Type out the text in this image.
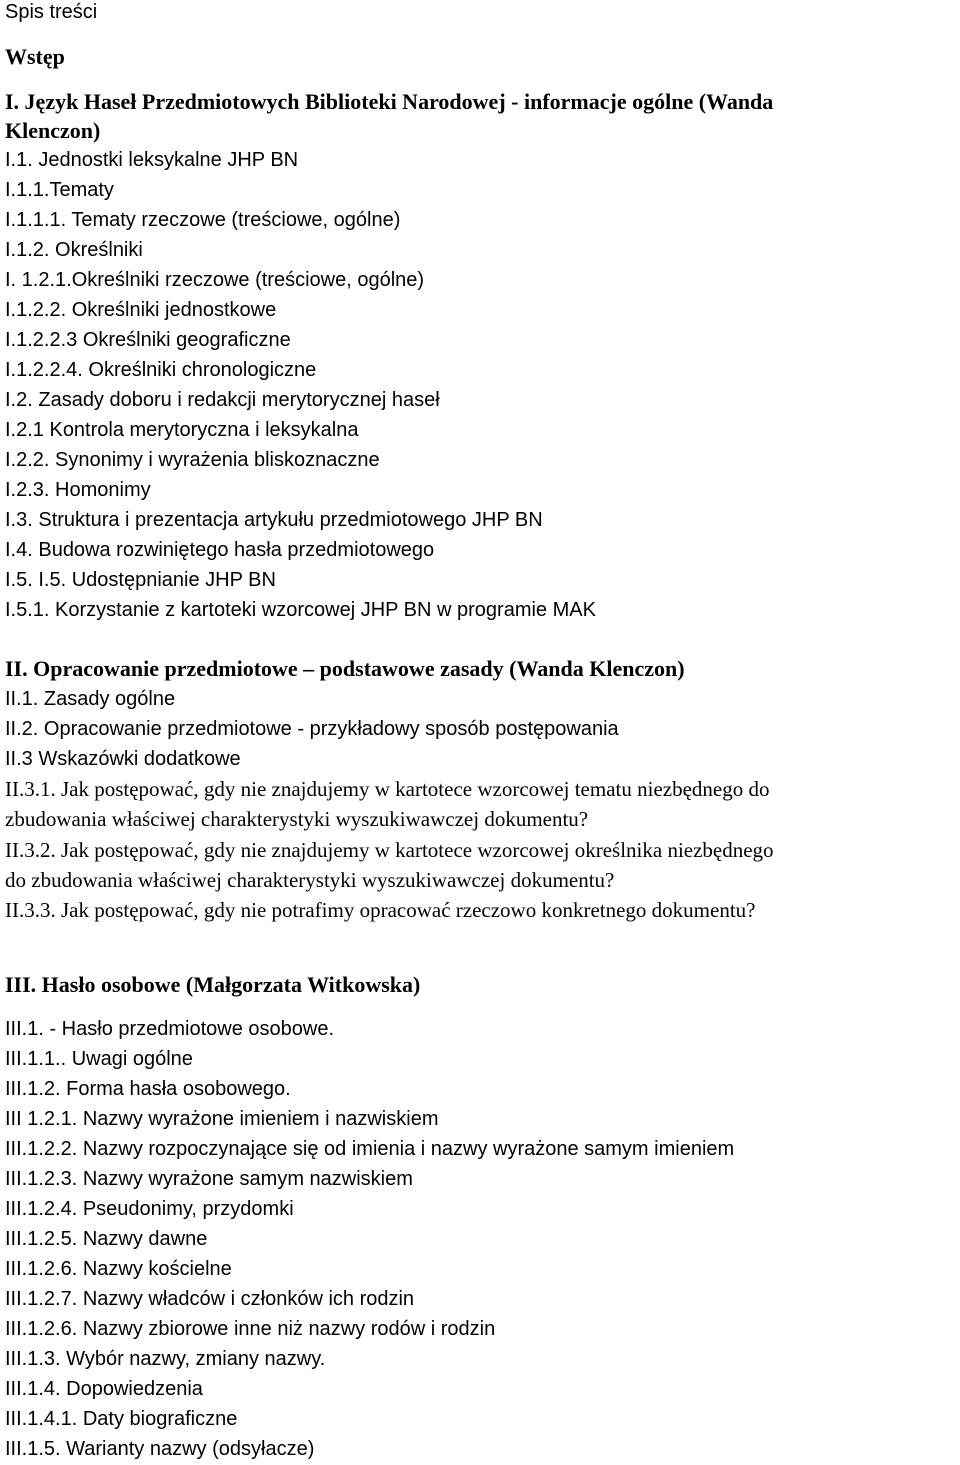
Spis treści
Wstęp
I. Język Haseł Przedmiotowych Biblioteki Narodowej - informacje ogólne (Wanda
Klenczon)
I.1. Jednostki leksykalne JHP BN
I.1.1.Tematy
I.1.1.1. Tematy rzeczowe (treściowe, ogólne)
I.1.2. Określniki
I. 1.2.1.Określniki rzeczowe (treściowe, ogólne)
I.1.2.2. Określniki jednostkowe
I.1.2.2.3 Określniki geograficzne
I.1.2.2.4. Określniki chronologiczne
I.2. Zasady doboru i redakcji merytorycznej haseł
I.2.1 Kontrola merytoryczna i leksykalna
I.2.2. Synonimy i wyrażenia bliskoznaczne
I.2.3. Homonimy
I.3. Struktura i prezentacja artykułu przedmiotowego JHP BN
I.4. Budowa rozwiniętego hasła przedmiotowego
I.5. I.5. Udostępnianie JHP BN
I.5.1. Korzystanie z kartoteki wzorcowej JHP BN w programie MAK
II. Opracowanie przedmiotowe – podstawowe zasady (Wanda Klenczon)
II.1. Zasady ogólne
II.2. Opracowanie przedmiotowe - przykładowy sposób postępowania
II.3 Wskazówki dodatkowe
II.3.1. Jak postępować, gdy nie znajdujemy w kartotece wzorcowej tematu niezbędnego do
zbudowania właściwej charakterystyki wyszukiwawczej dokumentu?
II.3.2. Jak postępować, gdy nie znajdujemy w kartotece wzorcowej określnika niezbędnego
do zbudowania właściwej charakterystyki wyszukiwawczej dokumentu?
II.3.3. Jak postępować, gdy nie potrafimy opracować rzeczowo konkretnego dokumentu?
III. Hasło osobowe (Małgorzata Witkowska)
III.1. - Hasło przedmiotowe osobowe.
III.1.1.. Uwagi ogólne
III.1.2. Forma hasła osobowego.
III 1.2.1. Nazwy wyrażone imieniem i nazwiskiem
III.1.2.2. Nazwy rozpoczynające się od imienia i nazwy wyrażone samym imieniem
III.1.2.3. Nazwy wyrażone samym nazwiskiem
III.1.2.4. Pseudonimy, przydomki
III.1.2.5. Nazwy dawne
III.1.2.6. Nazwy kościelne
III.1.2.7. Nazwy władców i członków ich rodzin
III.1.2.6. Nazwy zbiorowe inne niż nazwy rodów i rodzin
III.1.3. Wybór nazwy, zmiany nazwy.
III.1.4. Dopowiedzenia
III.1.4.1. Daty biograficzne
III.1.5. Warianty nazwy (odsyłacze)
